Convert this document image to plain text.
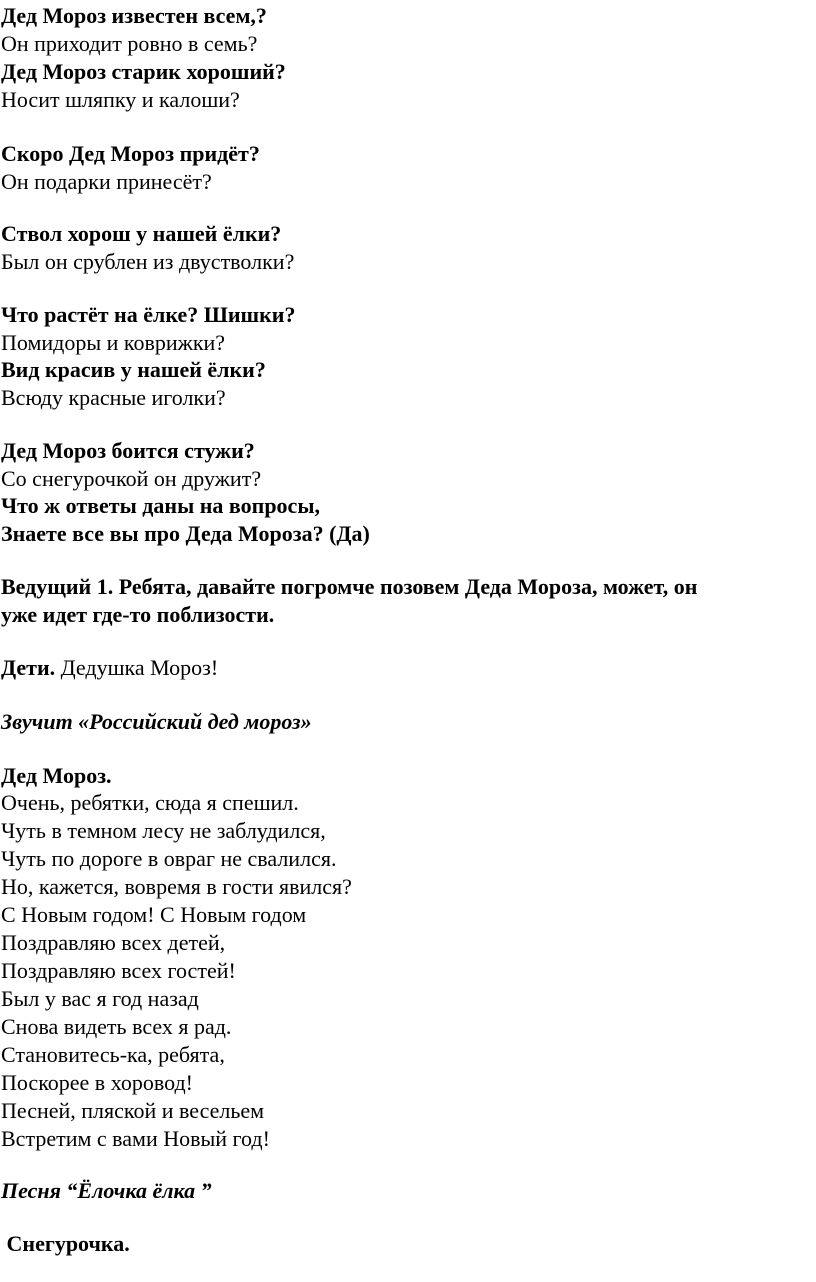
Дед Мороз известен всем,?
Он приходит ровно в семь?
Дед Мороз старик хороший?
Носит шляпку и калоши?
Скоро Дед Мороз придёт?
Он подарки принесёт?
Ствол хорош у нашей ёлки?
Был он срублен из двустволки?
Что растёт на ёлке? Шишки?
Помидоры и коврижки?
Вид красив у нашей ёлки?
Всюду красные иголки?
Дед Мороз боится стужи?
Со снегурочкой он дружит?
Что ж ответы даны на вопросы,
Знаете все вы про Деда Мороза? (Да)
Ведущий 1. Ребята, давайте погромче позовем Деда Мороза, может, он
уже идет где-то поблизости.
Дети. Дедушка Мороз!
Звучит «Российский дед мороз»
Дед Мороз.
Очень, ребятки, сюда я спешил.
Чуть в темном лесу не заблудился,
Чуть по дороге в овраг не свалился.
Но, кажется, вовремя в гости явился?
С Новым годом! С Новым годом
Поздравляю всех детей,
Поздравляю всех гостей!
Был у вас я год назад
Снова видеть всех я рад.
Становитесь-ка, ребята,
Поскорее в хоровод!
Песней, пляской и весельем
Встретим с вами Новый год!
Песня “Ёлочка ёлка ”
Снегурочка.
